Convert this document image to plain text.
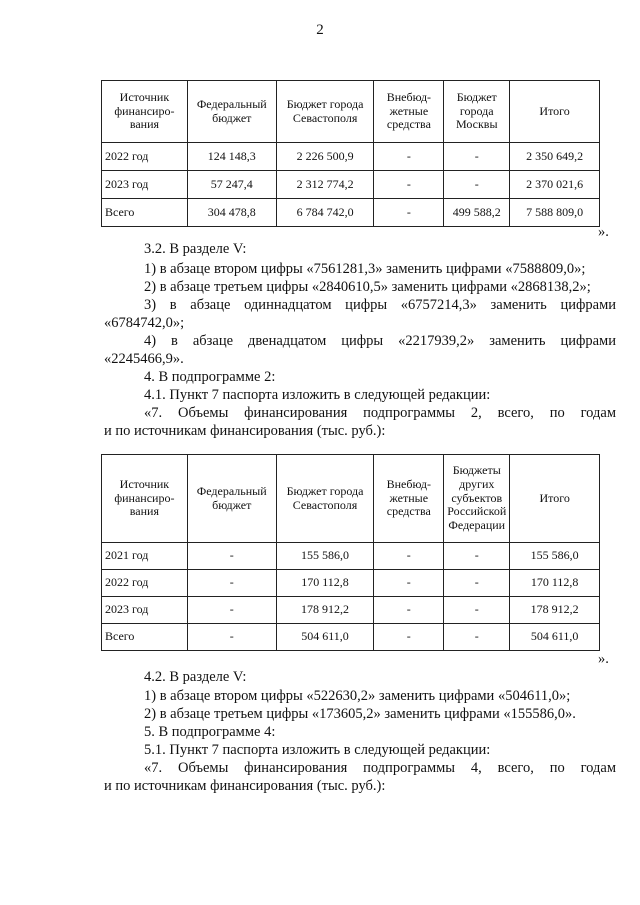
2
Источник финансиро-вания	Федеральный бюджет	Бюджет города Севастополя	Внебюд-жетные средства	Бюджет города Москвы	Итого
2022 год	124 148,3	2 226 500,9	-	-	2 350 649,2
2023 год	57 247,4	2 312 774,2	-	-	2 370 021,6
Всего	304 478,8	6 784 742,0	-	499 588,2	7 588 809,0
».

3.2. В разделе V:

1) в абзаце втором цифры «7561281,3» заменить цифрами «7588809,0»;

2) в абзаце третьем цифры «2840610,5» заменить цифрами «2868138,2»;

3) в абзаце одиннадцатом цифры «6757214,3» заменить цифрами

«6784742,0»;

4) в абзаце двенадцатом цифры «2217939,2» заменить цифрами

«2245466,9».

4. В подпрограмме 2:

4.1. Пункт 7 паспорта изложить в следующей редакции:

«7. Объемы финансирования подпрограммы 2, всего, по годам

и по источникам финансирования (тыс. руб.):

Источник финансиро-вания	Федеральный бюджет	Бюджет города Севастополя	Внебюд-жетные средства	Бюджеты других субъектов Российской Федерации	Итого
2021 год	-	155 586,0	-	-	155 586,0
2022 год	-	170 112,8	-	-	170 112,8
2023 год	-	178 912,2	-	-	178 912,2
Всего	-	504 611,0	-	-	504 611,0
».

4.2. В разделе V:

1) в абзаце втором цифры «522630,2» заменить цифрами «504611,0»;

2) в абзаце третьем цифры «173605,2» заменить цифрами «155586,0».

5. В подпрограмме 4:

5.1. Пункт 7 паспорта изложить в следующей редакции:

«7. Объемы финансирования подпрограммы 4, всего, по годам

и по источникам финансирования (тыс. руб.):
